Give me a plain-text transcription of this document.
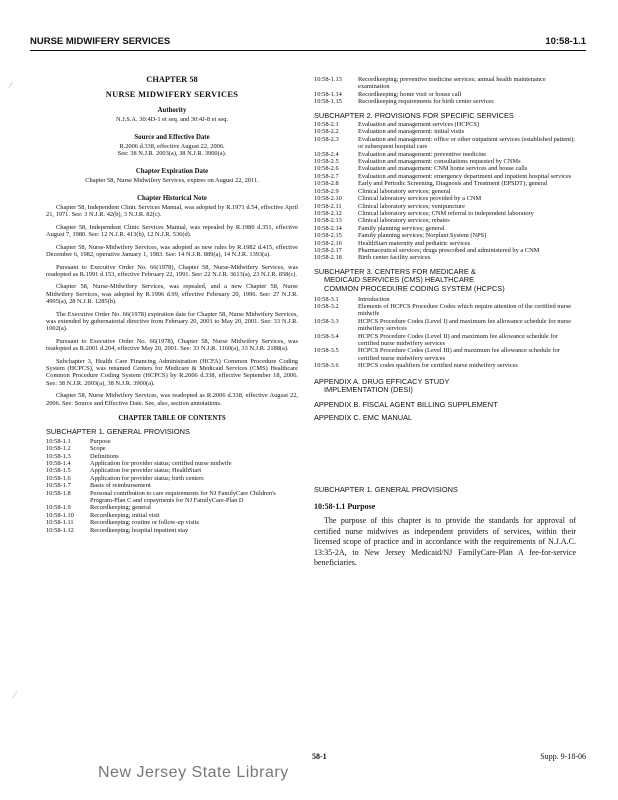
NURSE MIDWIFERY SERVICES	10:58-1.1
⁄
⁄
CHAPTER 58
NURSE MIDWIFERY SERVICES
Authority

N.J.S.A. 30:4D-1 et seq. and 30:4J-8 et seq.

Source and Effective Date

R.2006 d.338, effective August 22, 2006.

See: 38 N.J.R. 2003(a), 38 N.J.R. 3900(a).

Chapter Expiration Date

Chapter 58, Nurse Midwifery Services, expires on August 22, 2011.

Chapter Historical Note

Chapter 58, Independent Clinic Services Manual, was adopted by R.1971 d.54, effective April 21, 1971. See: 3 N.J.R. 42(b), 3 N.J.R. 82(c).

Chapter 58, Independent Clinic Services Manual, was repealed by R.1980 d.351, effective August 7, 1980. See: 12 N.J.R. 413(b), 12 N.J.R. 536(d).

Chapter 58, Nurse-Midwifery Services, was adopted as new rules by R.1982 d.415, effective December 6, 1982, operative January 1, 1983. See: 14 N.J.R. 889(a), 14 N.J.R. 1393(a).

Pursuant to Executive Order No. 66(1978), Chapter 58, Nurse-Midwifery Services, was readopted as R.1991 d.153, effective February 22, 1991. See: 22 N.J.R. 3613(a), 23 N.J.R. 858(c).

Chapter 58, Nurse-Midwifery Services, was repealed, and a new Chapter 58, Nurse Midwifery Services, was adopted by R.1996 d.99, effective February 20, 1996. See: 27 N.J.R. 4995(a), 28 N.J.R. 1285(b).

The Executive Order No. 66(1978) expiration date for Chapter 58, Nurse Midwifery Services, was extended by gubernatorial directive from February 20, 2001 to May 20, 2001. See: 33 N.J.R. 1002(a).

Pursuant to Executive Order No. 66(1978), Chapter 58, Nurse Midwifery Services, was readopted as R.2001 d.204, effective May 20, 2001. See: 33 N.J.R. 1160(a), 33 N.J.R. 2188(a).

Subchapter 3, Health Care Financing Administration (HCFA) Common Procedure Coding System (HCPCS), was renamed Centers for Medicare & Medicaid Services (CMS) Healthcare Common Procedure Coding System (HCPCS) by R.2006 d.338, effective September 18, 2006. See: 38 N.J.R. 2003(a), 38 N.J.R. 3900(a).

Chapter 58, Nurse Midwifery Services, was readopted as R.2006 d.338, effective August 22, 2006. See: Source and Effective Date. See, also, section annotations.

CHAPTER TABLE OF CONTENTS
SUBCHAPTER 1. GENERAL PROVISIONS
10:58-1.1	Purpose
10:58-1.2	Scope
10:58-1.3	Definitions
10:58-1.4	Application for provider status; certified nurse midwife
10:58-1.5	Application for provider status; HealthStart
10:58-1.6	Application for provider status; birth centers
10:58-1.7	Basis of reimbursement
10:58-1.8	Personal contribution to care requirements for NJ FamilyCare Children's Program-Plan C and copayments for NJ FamilyCare-Plan D
10:58-1.9	Recordkeeping; general
10:58-1.10	Recordkeeping; initial visit
10:58-1.11	Recordkeeping; routine or follow-up visits
10:58-1.12	Recordkeeping; hospital inpatient stay
10:58-1.13	Recordkeeping; preventive medicine services; annual health maintenance examination
10:58-1.14	Recordkeeping; home visit or house call
10:58-1.15	Recordkeeping requirements for birth center services
SUBCHAPTER 2. PROVISIONS FOR SPECIFIC SERVICES
10:58-2.1	Evaluation and management services (HCPCS)
10:58-2.2	Evaluation and management: initial visits
10:58-2.3	Evaluation and management: office or other outpatient services (established patient); or subsequent hospital care
10:58-2.4	Evaluation and management: preventive medicine
10:58-2.5	Evaluation and management: consultations requested by CNMs
10:58-2.6	Evaluation and management: CNM home services and house calls
10:58-2.7	Evaluation and management: emergency department and inpatient hospital services
10:58-2.8	Early and Periodic Screening, Diagnosis and Treatment (EPSDT); general
10:58-2.9	Clinical laboratory services; general
10:58-2.10	Clinical laboratory services provided by a CNM
10:58-2.11	Clinical laboratory services; venipuncture
10:58-2.12	Clinical laboratory services; CNM referral to independent laboratory
10:58-2.13	Clinical laboratory services; rebates
10:58-2.14	Family planning services; general
10:58-2.15	Family planning services; Norplant System (NPS)
10:58-2.16	HealthStart maternity and pediatric services
10:58-2.17	Pharmaceutical services; drugs prescribed and administered by a CNM
10:58-2.18	Birth center facility services
SUBCHAPTER 3. CENTERS FOR MEDICARE &
MEDICAID SERVICES (CMS) HEALTHCARE
COMMON PROCEDURE CODING SYSTEM (HCPCS)
10:58-3.1	Introduction
10:58-3.2	Elements of HCPCS Procedure Codes which require attention of the certified nurse midwife
10:58-3.3	HCPCS Procedure Codes (Level I) and maximum fee allowance schedule for nurse midwifery services
10:58-3.4	HCPCS Procedure Codes (Level II) and maximum fee allowance schedule for certified nurse midwifery services
10:58-3.5	HCPCS Procedure Codes (Level III) and maximum fee allowance schedule for certified nurse midwifery services
10:58-3.6	HCPCS codes qualifiers for certified nurse midwifery services
APPENDIX A. DRUG EFFICACY STUDY
IMPLEMENTATION (DESI)
APPENDIX B. FISCAL AGENT BILLING SUPPLEMENT
APPENDIX C. EMC MANUAL
SUBCHAPTER 1. GENERAL PROVISIONS
10:58-1.1 Purpose

The purpose of this chapter is to provide the standards for approval of certified nurse midwives as independent providers of services, within their licensed scope of practice and in accordance with the requirements of N.J.A.C. 13:35-2A, to New Jersey Medicaid/NJ FamilyCare-Plan A fee-for-service beneficiaries.

58-1	Supp. 9-18-06
New Jersey State Library
